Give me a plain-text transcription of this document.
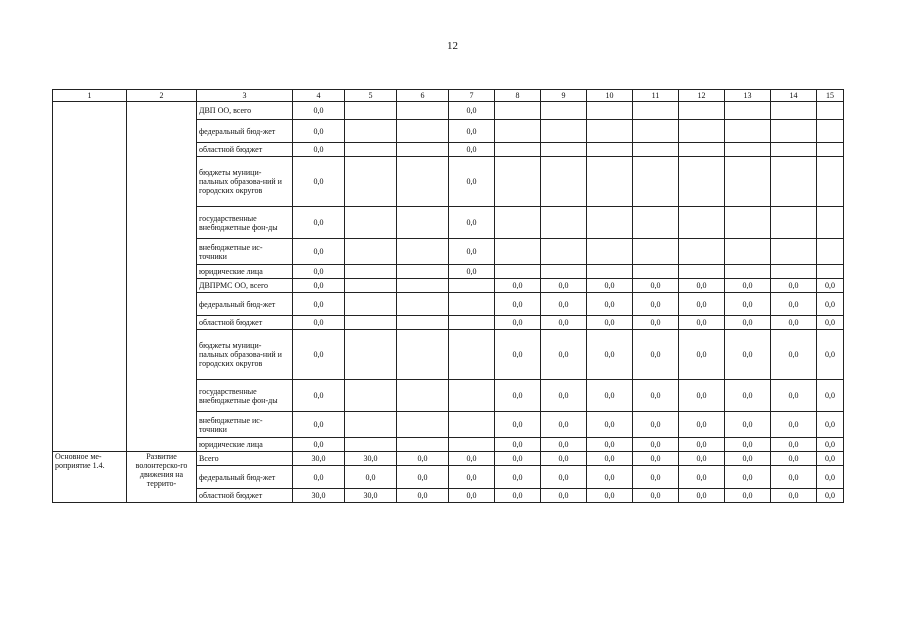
12
1	2	3	4	5	6	7	8	9	10	11	12	13	14	15
		ДВП ОО, всего	0,0			0,0								
		федеральный бюд-жет	0,0			0,0								
		областной бюджет	0,0			0,0								
		бюджеты муници-пальных образова-ний и городских округов	0,0			0,0								
		государственные внебюджетные фон-ды	0,0			0,0								
		внебюджетные ис-точники	0,0			0,0								
		юридические лица	0,0			0,0								
		ДВПРМС ОО, всего	0,0				0,0	0,0	0,0	0,0	0,0	0,0	0,0	0,0
		федеральный бюд-жет	0,0				0,0	0,0	0,0	0,0	0,0	0,0	0,0	0,0
		областной бюджет	0,0				0,0	0,0	0,0	0,0	0,0	0,0	0,0	0,0
		бюджеты муници-пальных образова-ний и городских округов	0,0				0,0	0,0	0,0	0,0	0,0	0,0	0,0	0,0
		государственные внебюджетные фон-ды	0,0				0,0	0,0	0,0	0,0	0,0	0,0	0,0	0,0
		внебюджетные ис-точники	0,0				0,0	0,0	0,0	0,0	0,0	0,0	0,0	0,0
		юридические лица	0,0				0,0	0,0	0,0	0,0	0,0	0,0	0,0	0,0
Основное ме-роприятие 1.4.	Развитие волонтерско-го движения на террито-	Всего	30,0	30,0	0,0	0,0	0,0	0,0	0,0	0,0	0,0	0,0	0,0	0,0
		федеральный бюд-жет	0,0	0,0	0,0	0,0	0,0	0,0	0,0	0,0	0,0	0,0	0,0	0,0
		областной бюджет	30,0	30,0	0,0	0,0	0,0	0,0	0,0	0,0	0,0	0,0	0,0	0,0
